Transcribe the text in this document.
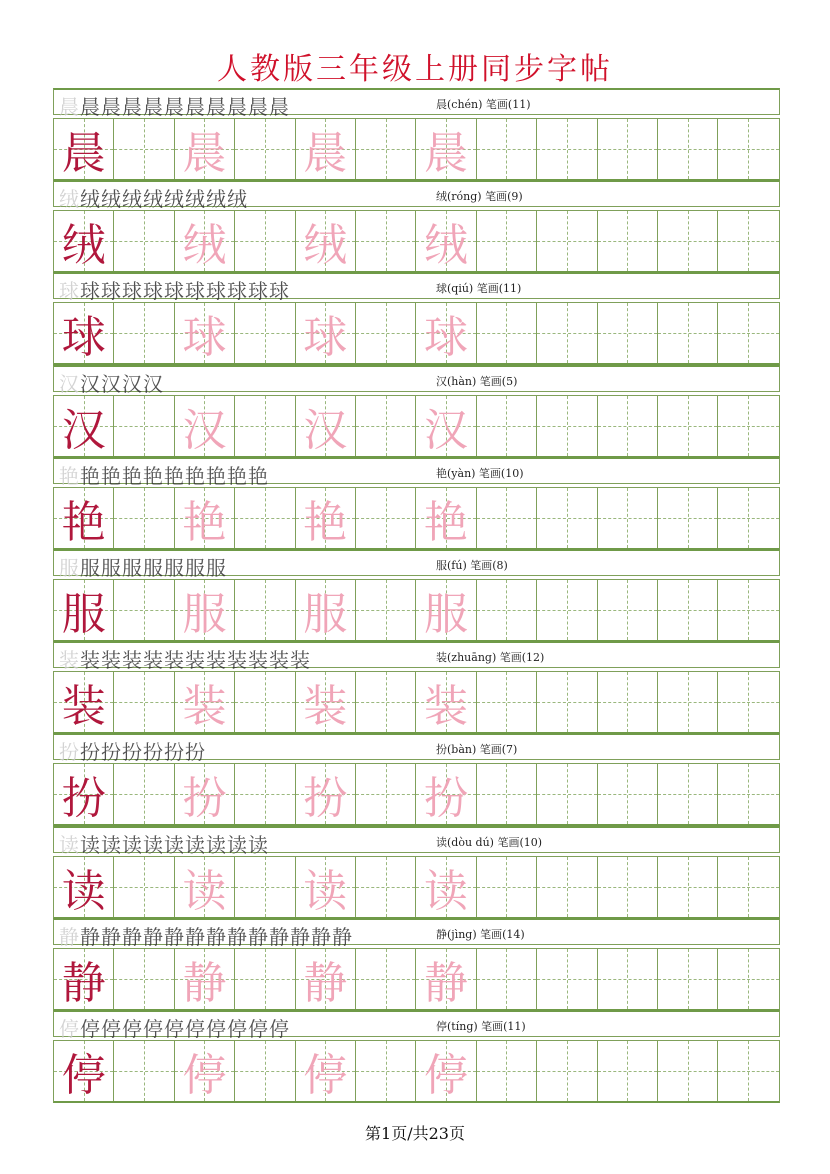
人教版三年级上册同步字帖
晨晨晨晨晨晨晨晨晨晨晨	晨(chén) 笔画(11)
晨 晨 晨 晨
绒绒绒绒绒绒绒绒绒	绒(róng) 笔画(9)
绒 绒 绒 绒
球球球球球球球球球球球	球(qiú) 笔画(11)
球 球 球 球
汉汉汉汉汉	汉(hàn) 笔画(5)
汉 汉 汉 汉
艳艳艳艳艳艳艳艳艳艳	艳(yàn) 笔画(10)
艳 艳 艳 艳
服服服服服服服服	服(fú) 笔画(8)
服 服 服 服
装装装装装装装装装装装装	装(zhuāng) 笔画(12)
装 装 装 装
扮扮扮扮扮扮扮	扮(bàn) 笔画(7)
扮 扮 扮 扮
读读读读读读读读读读	读(dòu dú) 笔画(10)
读 读 读 读
静静静静静静静静静静静静静静	静(jìng) 笔画(14)
静 静 静 静
停停停停停停停停停停停	停(tíng) 笔画(11)
停 停 停 停
第1页/共23页
